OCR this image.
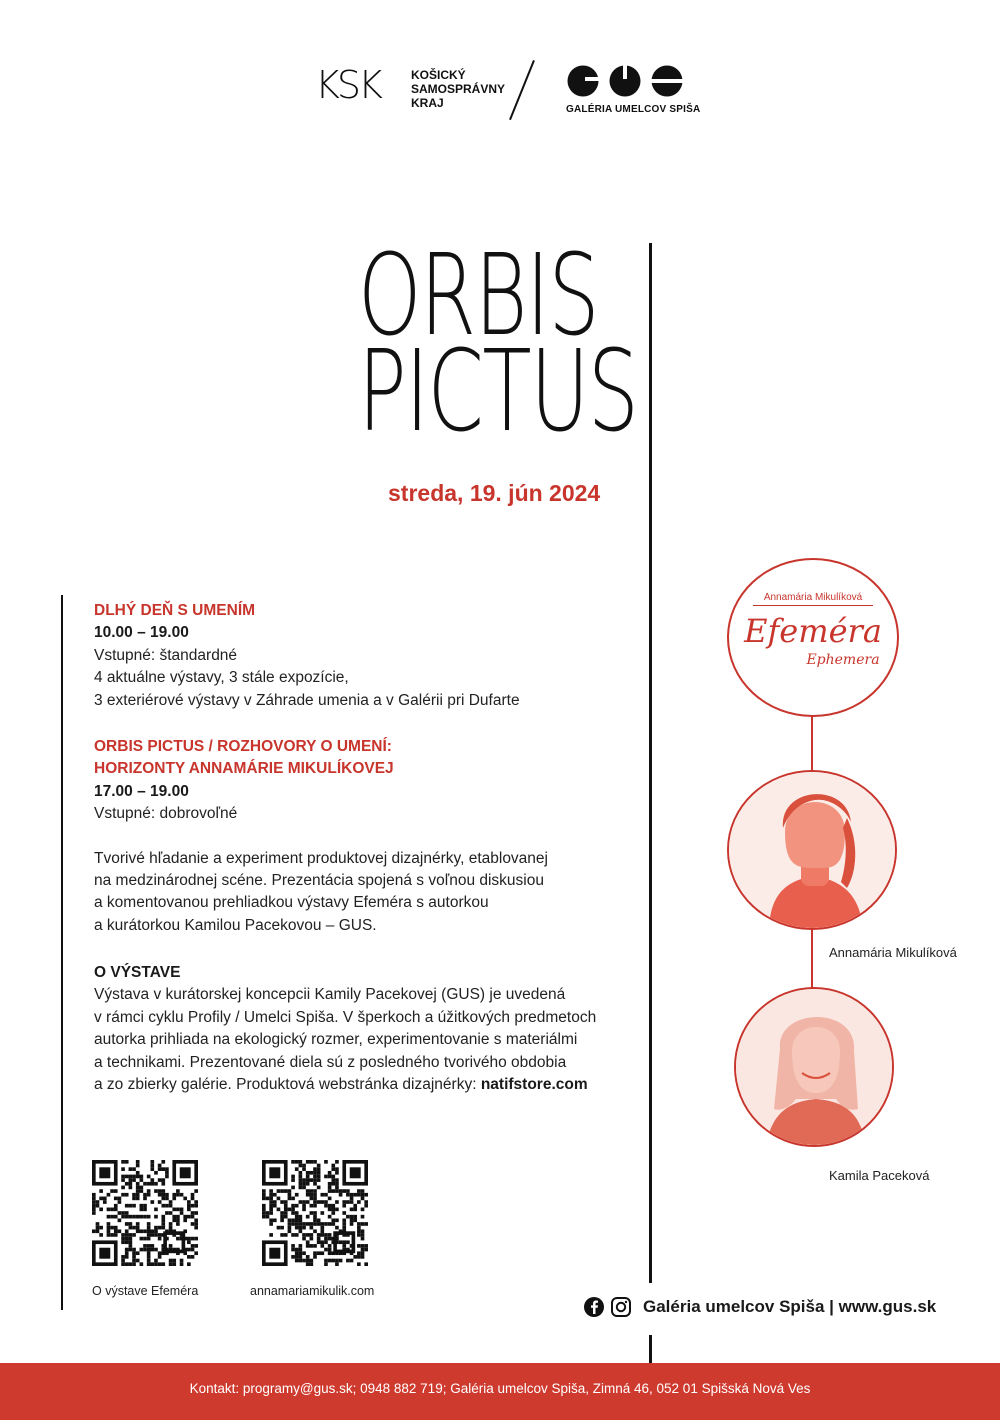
KSK	KOŠICKÝ
SAMOSPRÁVNY
KRAJ	GALÉRIA UMELCOV SPIŠA
ORBIS
PICTUS
streda, 19. jún 2024
DLHÝ DEŇ S UMENÍM
10.00 – 19.00
Vstupné: štandardné
4 aktuálne výstavy, 3 stále expozície,
3 exteriérové výstavy v Záhrade umenia a v Galérii pri Dufarte
ORBIS PICTUS / ROZHOVORY O UMENÍ:
HORIZONTY ANNAMÁRIE MIKULÍKOVEJ
17.00 – 19.00
Vstupné: dobrovoľné
Tvorivé hľadanie a experiment produktovej dizajnérky, etablovanej
na medzinárodnej scéne. Prezentácia spojená s voľnou diskusiou
a komentovanou prehliadkou výstavy Efeméra s autorkou
a kurátorkou Kamilou Pacekovou – GUS.
O VÝSTAVE
Výstava v kurátorskej koncepcii Kamily Pacekovej (GUS) je uvedená
v rámci cyklu Profily / Umelci Spiša. V šperkoch a úžitkových predmetoch
autorka prihliada na ekologický rozmer, experimentovanie s materiálmi
a technikami. Prezentované diela sú z posledného tvorivého obdobia
a zo zbierky galérie. Produktová webstránka dizajnérky: natifstore.com
O výstave Efeméra	annamariamikulik.com
Annamária Mikulíková
Efeméra
Ephemera
Annamária Mikulíková
Kamila Paceková
Galéria umelcov Spiša | www.gus.sk
Kontakt: programy@gus.sk; 0948 882 719; Galéria umelcov Spiša, Zimná 46, 052 01 Spišská Nová Ves
